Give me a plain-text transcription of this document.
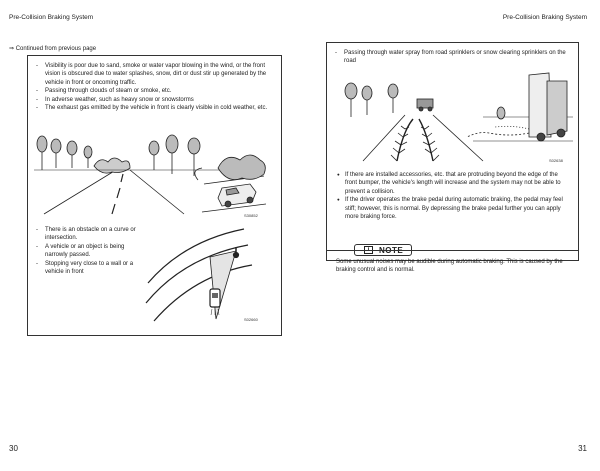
Pre-Collision Braking System	Pre-Collision Braking System
⇒ Continued from previous page
- Visibility is poor due to sand, smoke or water vapor blowing in the wind, or the front vision is obscured due to water splashes, snow, dirt or dust stir up generated by the vehicle in front or oncoming traffic.
- Passing through clouds of steam or smoke, etc.
- In adverse weather, such as heavy snow or snowstorms
- The exhaust gas emitted by the vehicle in front is clearly visible in cold weather, etc.
S30852
- There is an obstacle on a curve or intersection.
- A vehicle or an object is being narrowly passed.
- Stopping very close to a wall or a vehicle in front
S02660
- Passing through water spray from road sprinklers or snow clearing sprinklers on the road
S02638
● If there are installed accessories, etc. that are protruding beyond the edge of the front bumper, the vehicle's length will increase and the system may not be able to prevent a collision.
● If the driver operates the brake pedal during automatic braking, the pedal may feel stiff; however, this is normal. By depressing the brake pedal further you can apply more braking force.
Some unusual noises may be audible during automatic braking. This is caused by the braking control and is normal.
30	31
